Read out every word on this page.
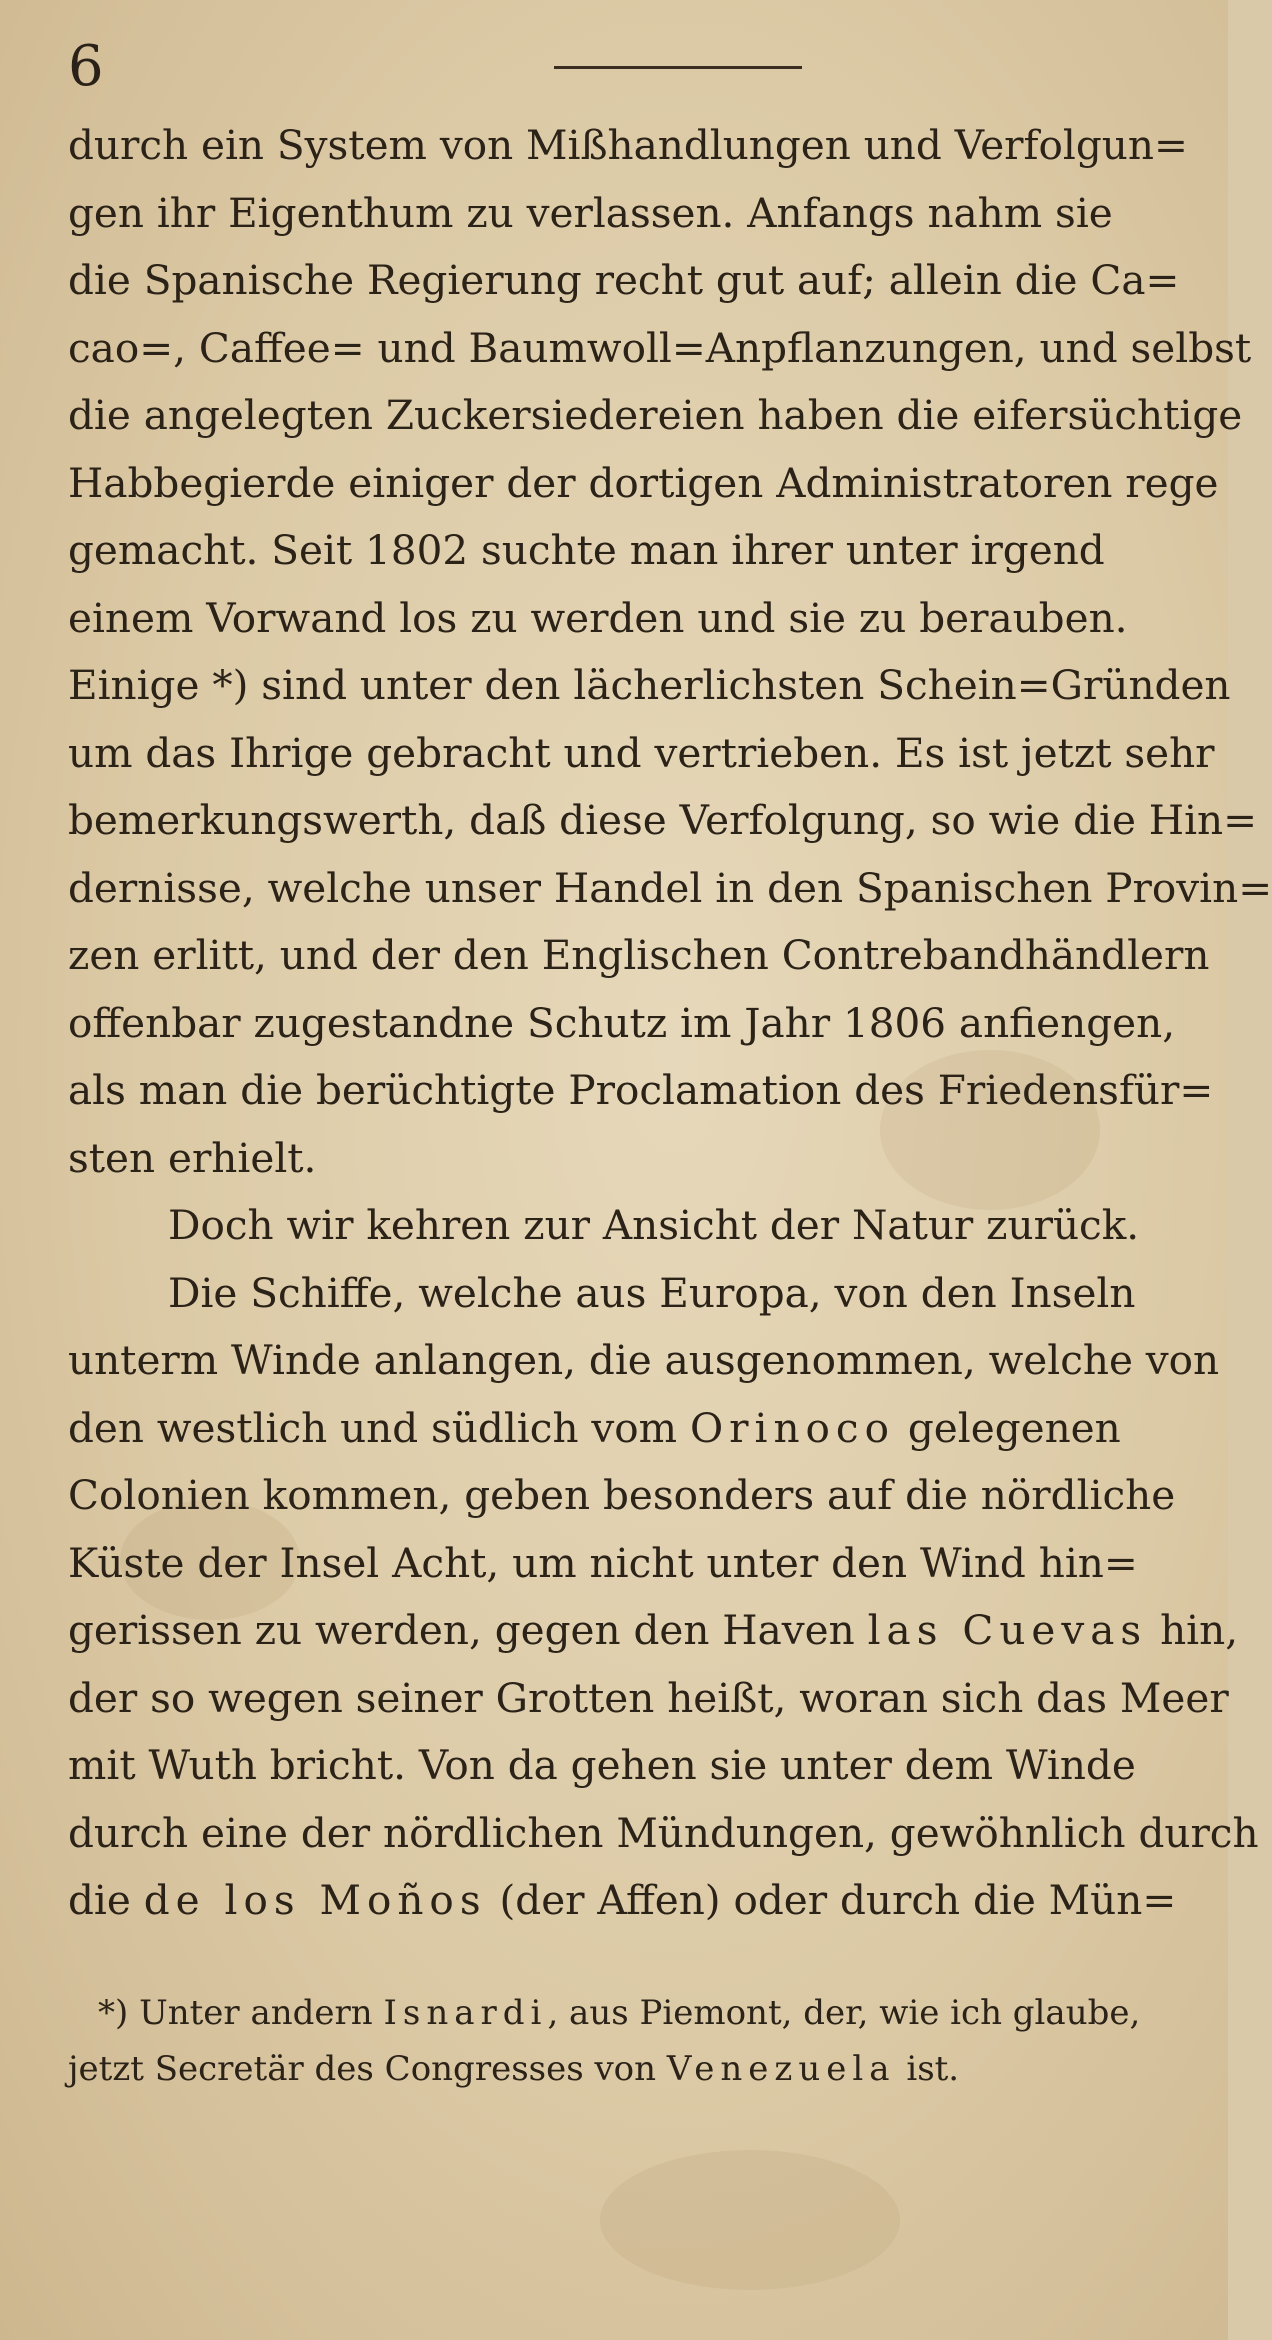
6
durch ein System von Mißhandlungen und Verfolgun=
gen ihr Eigenthum zu verlassen. Anfangs nahm sie
die Spanische Regierung recht gut auf; allein die Ca=
cao=, Caffee= und Baumwoll=Anpflanzungen, und selbst
die angelegten Zuckersiedereien haben die eifersüchtige
Habbegierde einiger der dortigen Administratoren rege
gemacht. Seit 1802 suchte man ihrer unter irgend
einem Vorwand los zu werden und sie zu berauben.
Einige *) sind unter den lächerlichsten Schein=Gründen
um das Ihrige gebracht und vertrieben. Es ist jetzt sehr
bemerkungswerth, daß diese Verfolgung, so wie die Hin=
dernisse, welche unser Handel in den Spanischen Provin=
zen erlitt, und der den Englischen Contrebandhändlern
offenbar zugestandne Schutz im Jahr 1806 anfiengen,
als man die berüchtigte Proclamation des Friedensfür=
sten erhielt.
Doch wir kehren zur Ansicht der Natur zurück.
Die Schiffe, welche aus Europa, von den Inseln
unterm Winde anlangen, die ausgenommen, welche von
den westlich und südlich vom Orinoco gelegenen
Colonien kommen, geben besonders auf die nördliche
Küste der Insel Acht, um nicht unter den Wind hin=
gerissen zu werden, gegen den Haven las Cuevas hin,
der so wegen seiner Grotten heißt, woran sich das Meer
mit Wuth bricht. Von da gehen sie unter dem Winde
durch eine der nördlichen Mündungen, gewöhnlich durch
die de los Moños (der Affen) oder durch die Mün=
*) Unter andern Isnardi, aus Piemont, der, wie ich glaube,
jetzt Secretär des Congresses von Venezuela ist.
